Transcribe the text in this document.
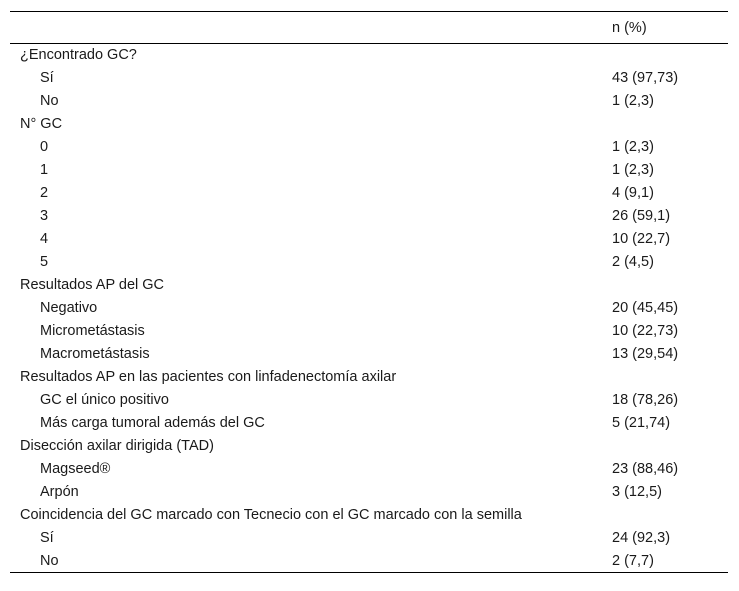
	n (%)
¿Encontrado GC?	
Sí	43 (97,73)
No	1 (2,3)
N° GC	
0	1 (2,3)
1	1 (2,3)
2	4 (9,1)
3	26 (59,1)
4	10 (22,7)
5	2 (4,5)
Resultados AP del GC	
Negativo	20 (45,45)
Micrometástasis	10 (22,73)
Macrometástasis	13 (29,54)
Resultados AP en las pacientes con linfadenectomía axilar	
GC el único positivo	18 (78,26)
Más carga tumoral además del GC	5 (21,74)
Disección axilar dirigida (TAD)	
Magseed®	23 (88,46)
Arpón	3 (12,5)
Coincidencia del GC marcado con Tecnecio con el GC marcado con la semilla	
Sí	24 (92,3)
No	2 (7,7)
